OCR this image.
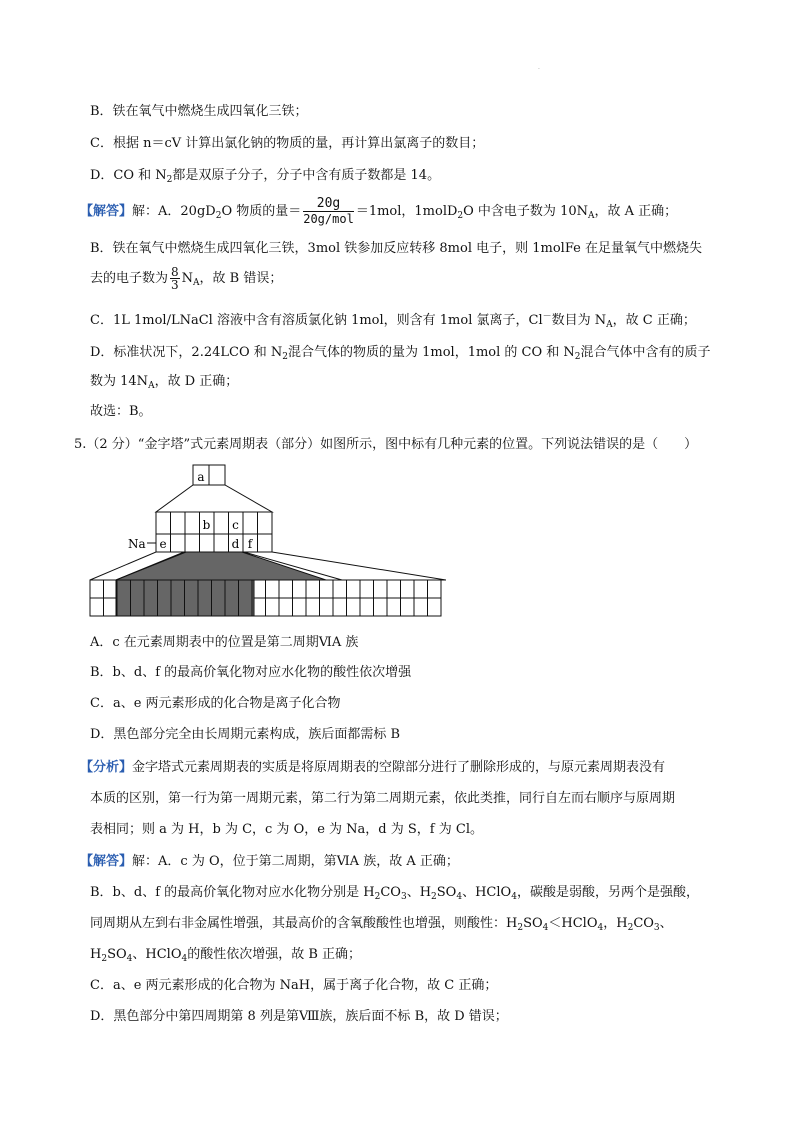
·
B．铁在氧气中燃烧生成四氧化三铁；
C．根据 n＝cV 计算出氯化钠的物质的量，再计算出氯离子的数目；
D．CO 和 $N_2$都是双原子分子，分子中含有质子数都是 14。
【解答】解：A．$20gD_2O$ 物质的量＝ $\frac{20g}{\text{20g/mol}} =1mol$，1molD$_2$O 中含电子数为 $10N_A$，故 A 正确；
B．铁在氧气中燃烧生成四氧化三铁，3mol 铁参加反应转移 8mol 电子，则 1molFe 在足量氧气中燃烧失
去的电子数为 $\frac{8}{3} N_A$，故 B 错误；
C．1L 1mol/LNaCl 溶液中含有溶质氯化钠 1mol，则含有 1mol 氯离子，Cl－数目为 $N_A$，故 C 正确；
D．标准状况下，2.24LCO 和 $N_2$混合气体的物质的量为 1mol，1mol 的 CO 和 $N_2$混合气体中含有的质子
数为 $14N_A$，故 D 正确；
故选：B。
5.（2 分）“金字塔”式元素周期表（部分）如图所示，图中标有几种元素的位置。下列说法错误的是（　　）
a
b c
d f
e
Na
A．c 在元素周期表中的位置是第二周期ⅥA 族
B．b、d、f 的最高价氧化物对应水化物的酸性依次增强
C．a、e 两元素形成的化合物是离子化合物
D．黑色部分完全由长周期元素构成，族后面都需标 B
【分析】金字塔式元素周期表的实质是将原周期表的空隙部分进行了删除形成的，与原元素周期表没有
本质的区别，第一行为第一周期元素，第二行为第二周期元素，依此类推，同行自左而右顺序与原周期
表相同；则 a 为 H，b 为 C，c 为 O，e 为 Na，d 为 S，f 为 Cl。
【解答】解：A．c 为 O，位于第二周期，第ⅥA 族，故 A 正确；
B．b、d、f 的最高价氧化物对应水化物分别是 $H_2CO_3$、$H_2SO_4$、HClO$_4$，碳酸是弱酸，另两个是强酸，
同周期从左到右非金属性增强，其最高价的含氧酸酸性也增强，则酸性：$H_2SO_4<HClO_4$，$H_2CO_3$、
$H_2SO_4$、HClO$_4$的酸性依次增强，故 B 正确；
C．a、e 两元素形成的化合物为 NaH，属于离子化合物，故 C 正确；
D．黑色部分中第四周期第 8 列是第Ⅷ族，族后面不标 B，故 D 错误；
